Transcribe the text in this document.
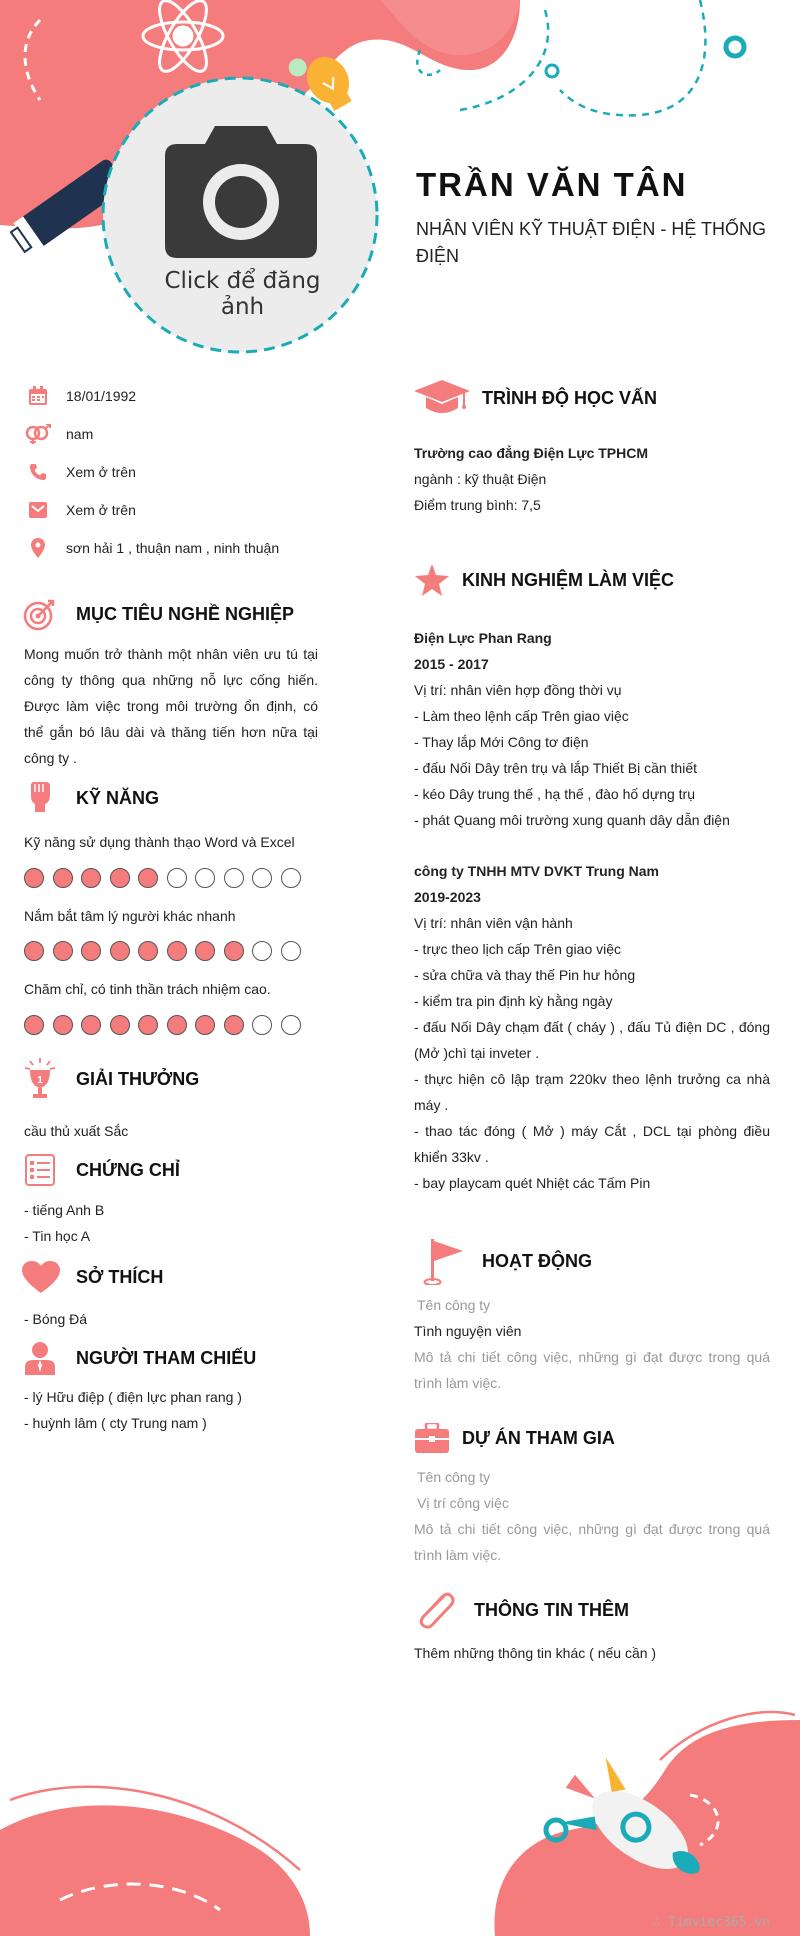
Click để đăng ảnh
TRẦN VĂN TÂN
NHÂN VIÊN KỸ THUẬT ĐIỆN - HỆ THỐNG ĐIỆN
18/01/1992
nam
Xem ở trên
Xem ở trên
sơn hải 1 , thuận nam , ninh thuận
MỤC TIÊU NGHỀ NGHIỆP
Mong muốn trở thành một nhân viên ưu tú tại công ty thông qua những nỗ lực cống hiến. Được làm việc trong môi trường ổn định, có thể gắn bó lâu dài và thăng tiến hơn nữa tại công ty .
KỸ NĂNG
Kỹ năng sử dụng thành thạo Word và Excel
Nắm bắt tâm lý người khác nhanh
Chăm chỉ, có tinh thần trách nhiệm cao.
1 GIẢI THƯỞNG
cầu thủ xuất Sắc
CHỨNG CHỈ
- tiếng Anh B
- Tin học A
SỞ THÍCH
- Bóng Đá
NGƯỜI THAM CHIẾU
- lý Hữu điệp ( điện lực phan rang )
- huỳnh lâm ( cty Trung nam )
TRÌNH ĐỘ HỌC VẤN
Trường cao đẳng Điện Lực TPHCM
ngành : kỹ thuật Điện
Điểm trung bình: 7,5
KINH NGHIỆM LÀM VIỆC
Điện Lực Phan Rang
2015 - 2017
Vị trí: nhân viên hợp đồng thời vụ
- Làm theo lệnh cấp Trên giao việc
- Thay lắp Mới Công tơ điện
- đấu Nối Dây trên trụ và lắp Thiết Bị cần thiết
- kéo Dây trung thế , hạ thế , đào hố dựng trụ
- phát Quang môi trường xung quanh dây dẫn điện
công ty TNHH MTV DVKT Trung Nam
2019-2023
Vị trí: nhân viên vận hành
- trực theo lịch cấp Trên giao việc
- sửa chữa và thay thế Pin hư hỏng
- kiểm tra pin định kỳ hằng ngày
- đấu Nối Dây chạm đất ( cháy ) , đấu Tủ điện DC , đóng (Mở )chì tại inveter .
- thực hiện cô lập trạm 220kv theo lệnh trưởng ca nhà máy .
- thao tác đóng ( Mở ) máy Cắt , DCL tại phòng điều khiển 33kv .
- bay playcam quét Nhiệt các Tấm Pin
HOẠT ĐỘNG
Tên công ty
Tình nguyện viên
Mô tả chi tiết công việc, những gì đạt được trong quá trình làm việc.
DỰ ÁN THAM GIA
Tên công ty
Vị trí công việc
Mô tả chi tiết công việc, những gì đạt được trong quá trình làm việc.
THÔNG TIN THÊM
Thêm những thông tin khác ( nếu cần )
∴ Timviec365.vn
